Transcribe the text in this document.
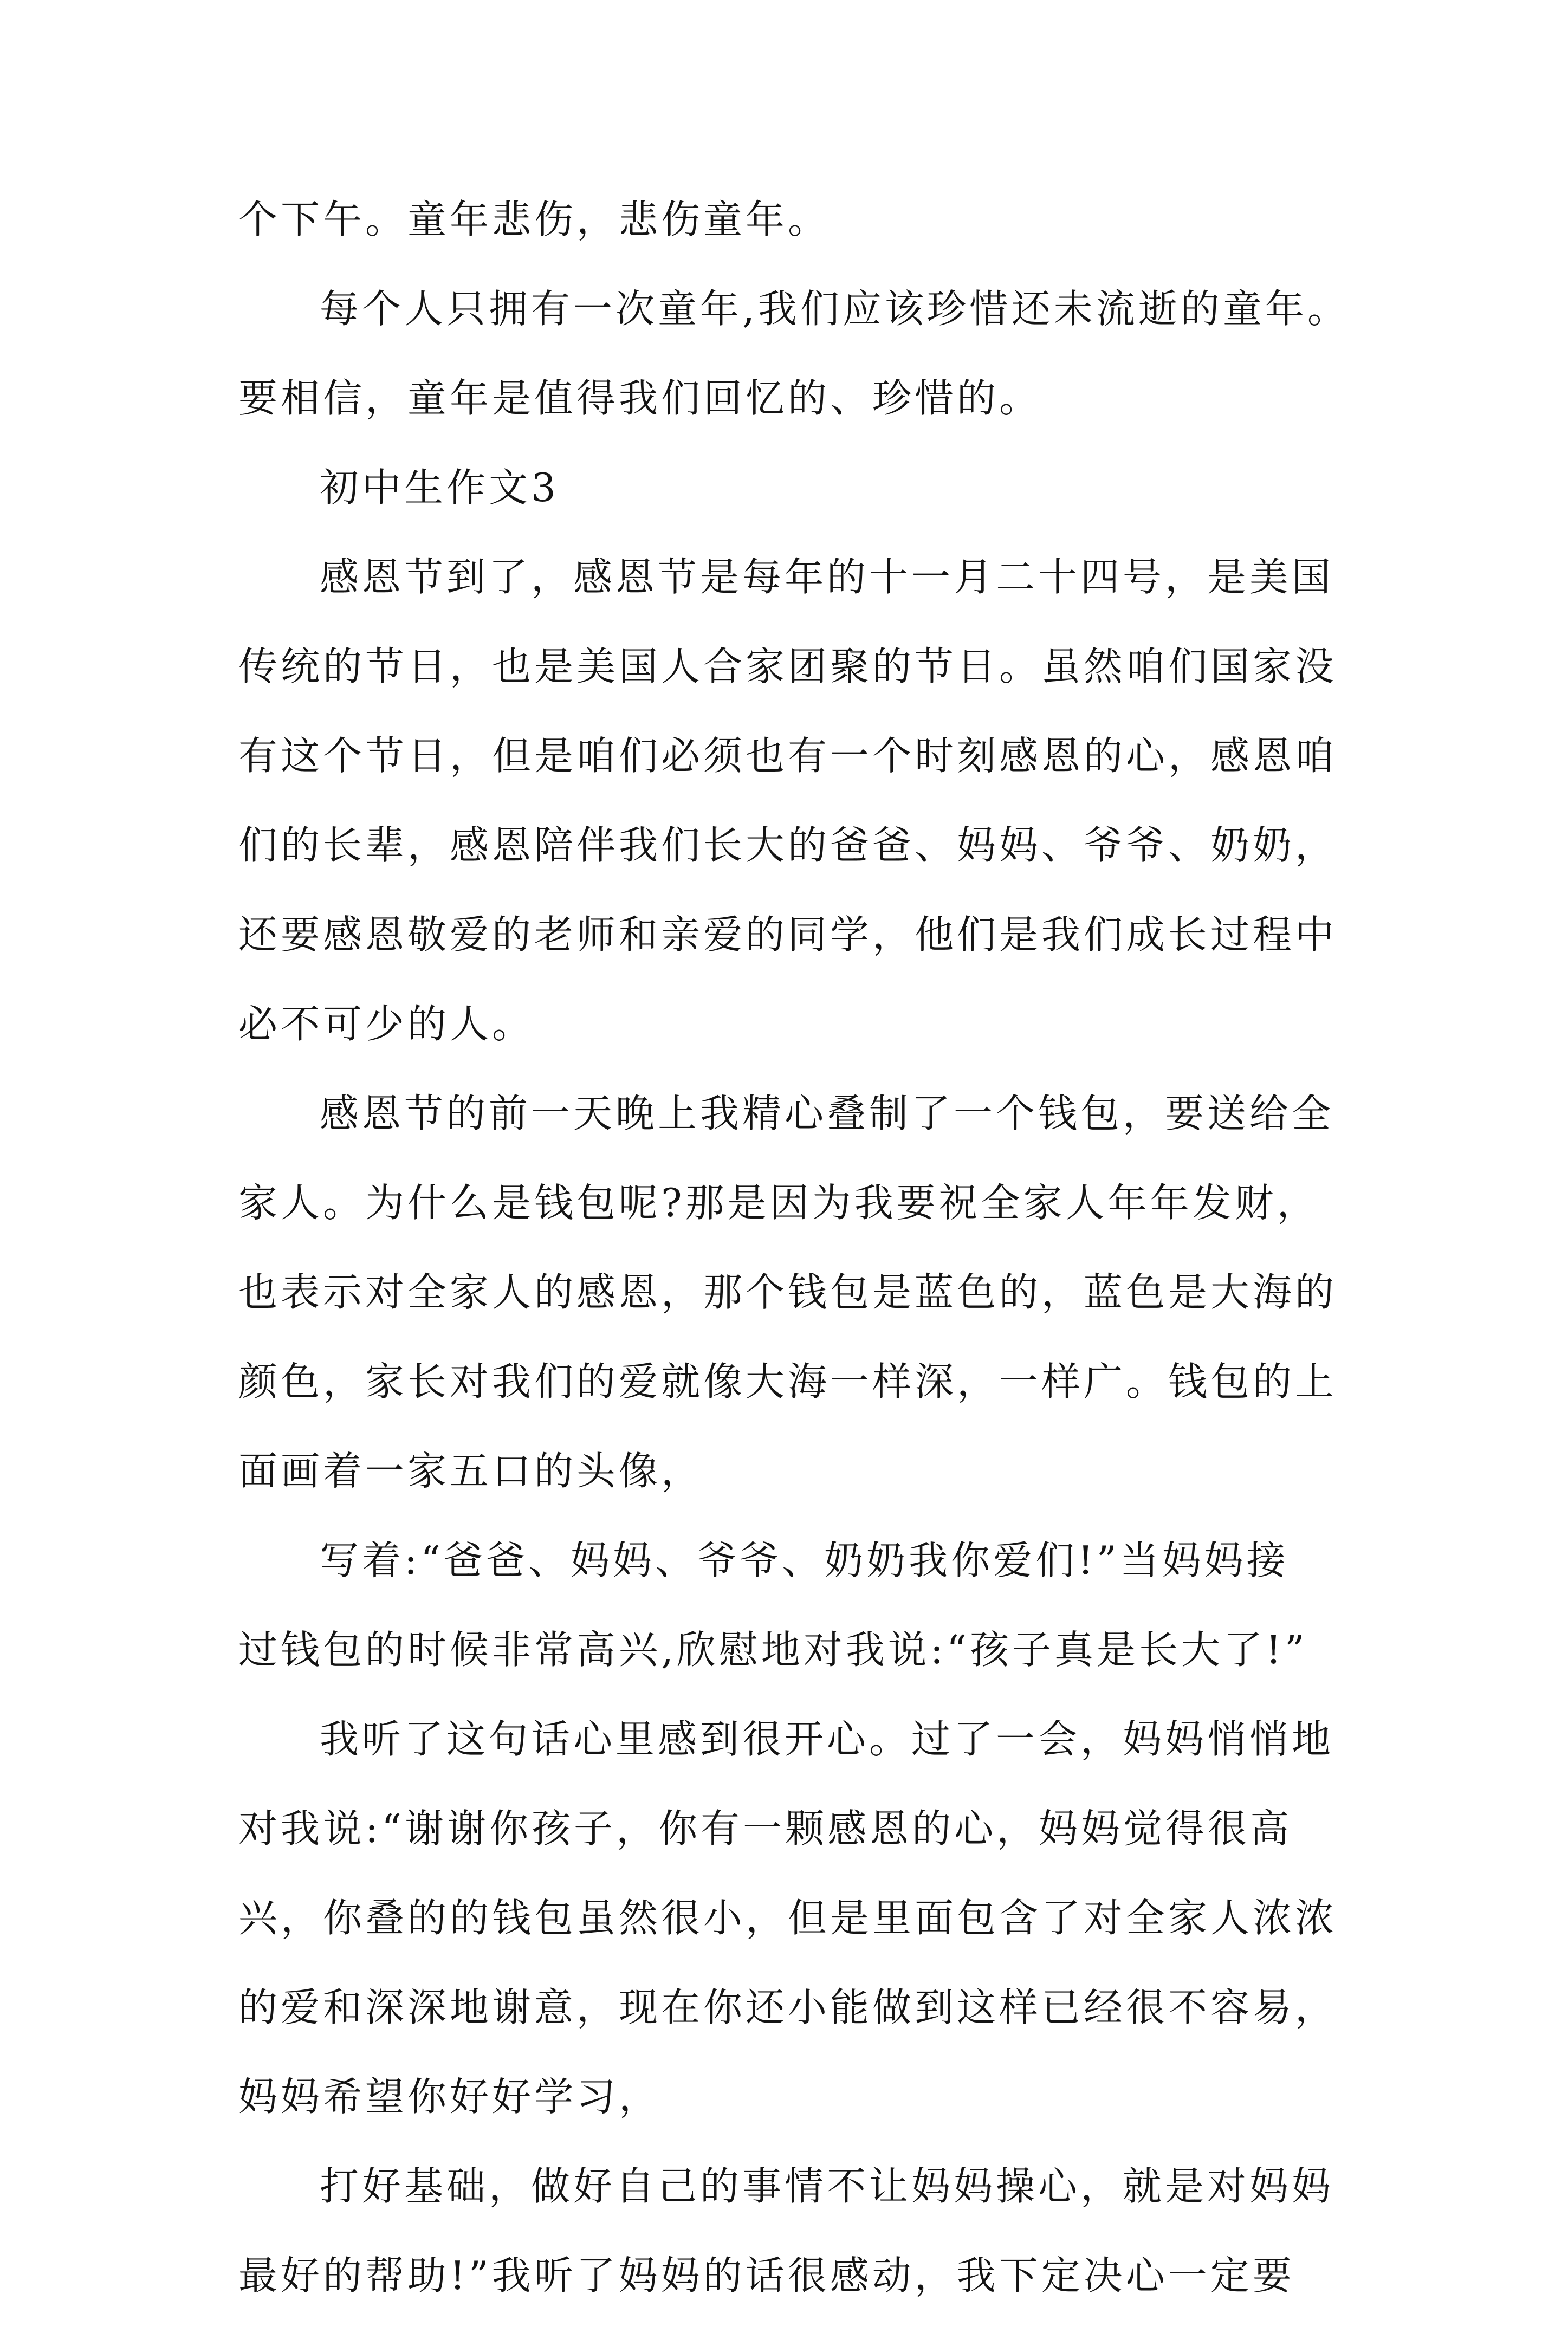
个下午。童年悲伤，悲伤童年。
每个人只拥有一次童年,我们应该珍惜还未流逝的童年。
要相信，童年是值得我们回忆的、珍惜的。
初中生作文3
感恩节到了，感恩节是每年的十一月二十四号，是美国
传统的节日，也是美国人合家团聚的节日。虽然咱们国家没
有这个节日，但是咱们必须也有一个时刻感恩的心，感恩咱
们的长辈，感恩陪伴我们长大的爸爸、妈妈、爷爷、奶奶，
还要感恩敬爱的老师和亲爱的同学，他们是我们成长过程中
必不可少的人。
感恩节的前一天晚上我精心叠制了一个钱包，要送给全
家人。为什么是钱包呢?那是因为我要祝全家人年年发财，
也表示对全家人的感恩，那个钱包是蓝色的，蓝色是大海的
颜色，家长对我们的爱就像大海一样深，一样广。钱包的上
面画着一家五口的头像，
写着:“爸爸、妈妈、爷爷、奶奶我你爱们!”当妈妈接
过钱包的时候非常高兴,欣慰地对我说:“孩子真是长大了!”
我听了这句话心里感到很开心。过了一会，妈妈悄悄地
对我说:“谢谢你孩子，你有一颗感恩的心，妈妈觉得很高
兴，你叠的的钱包虽然很小，但是里面包含了对全家人浓浓
的爱和深深地谢意，现在你还小能做到这样已经很不容易，
妈妈希望你好好学习，
打好基础，做好自己的事情不让妈妈操心，就是对妈妈
最好的帮助!”我听了妈妈的话很感动，我下定决心一定要
